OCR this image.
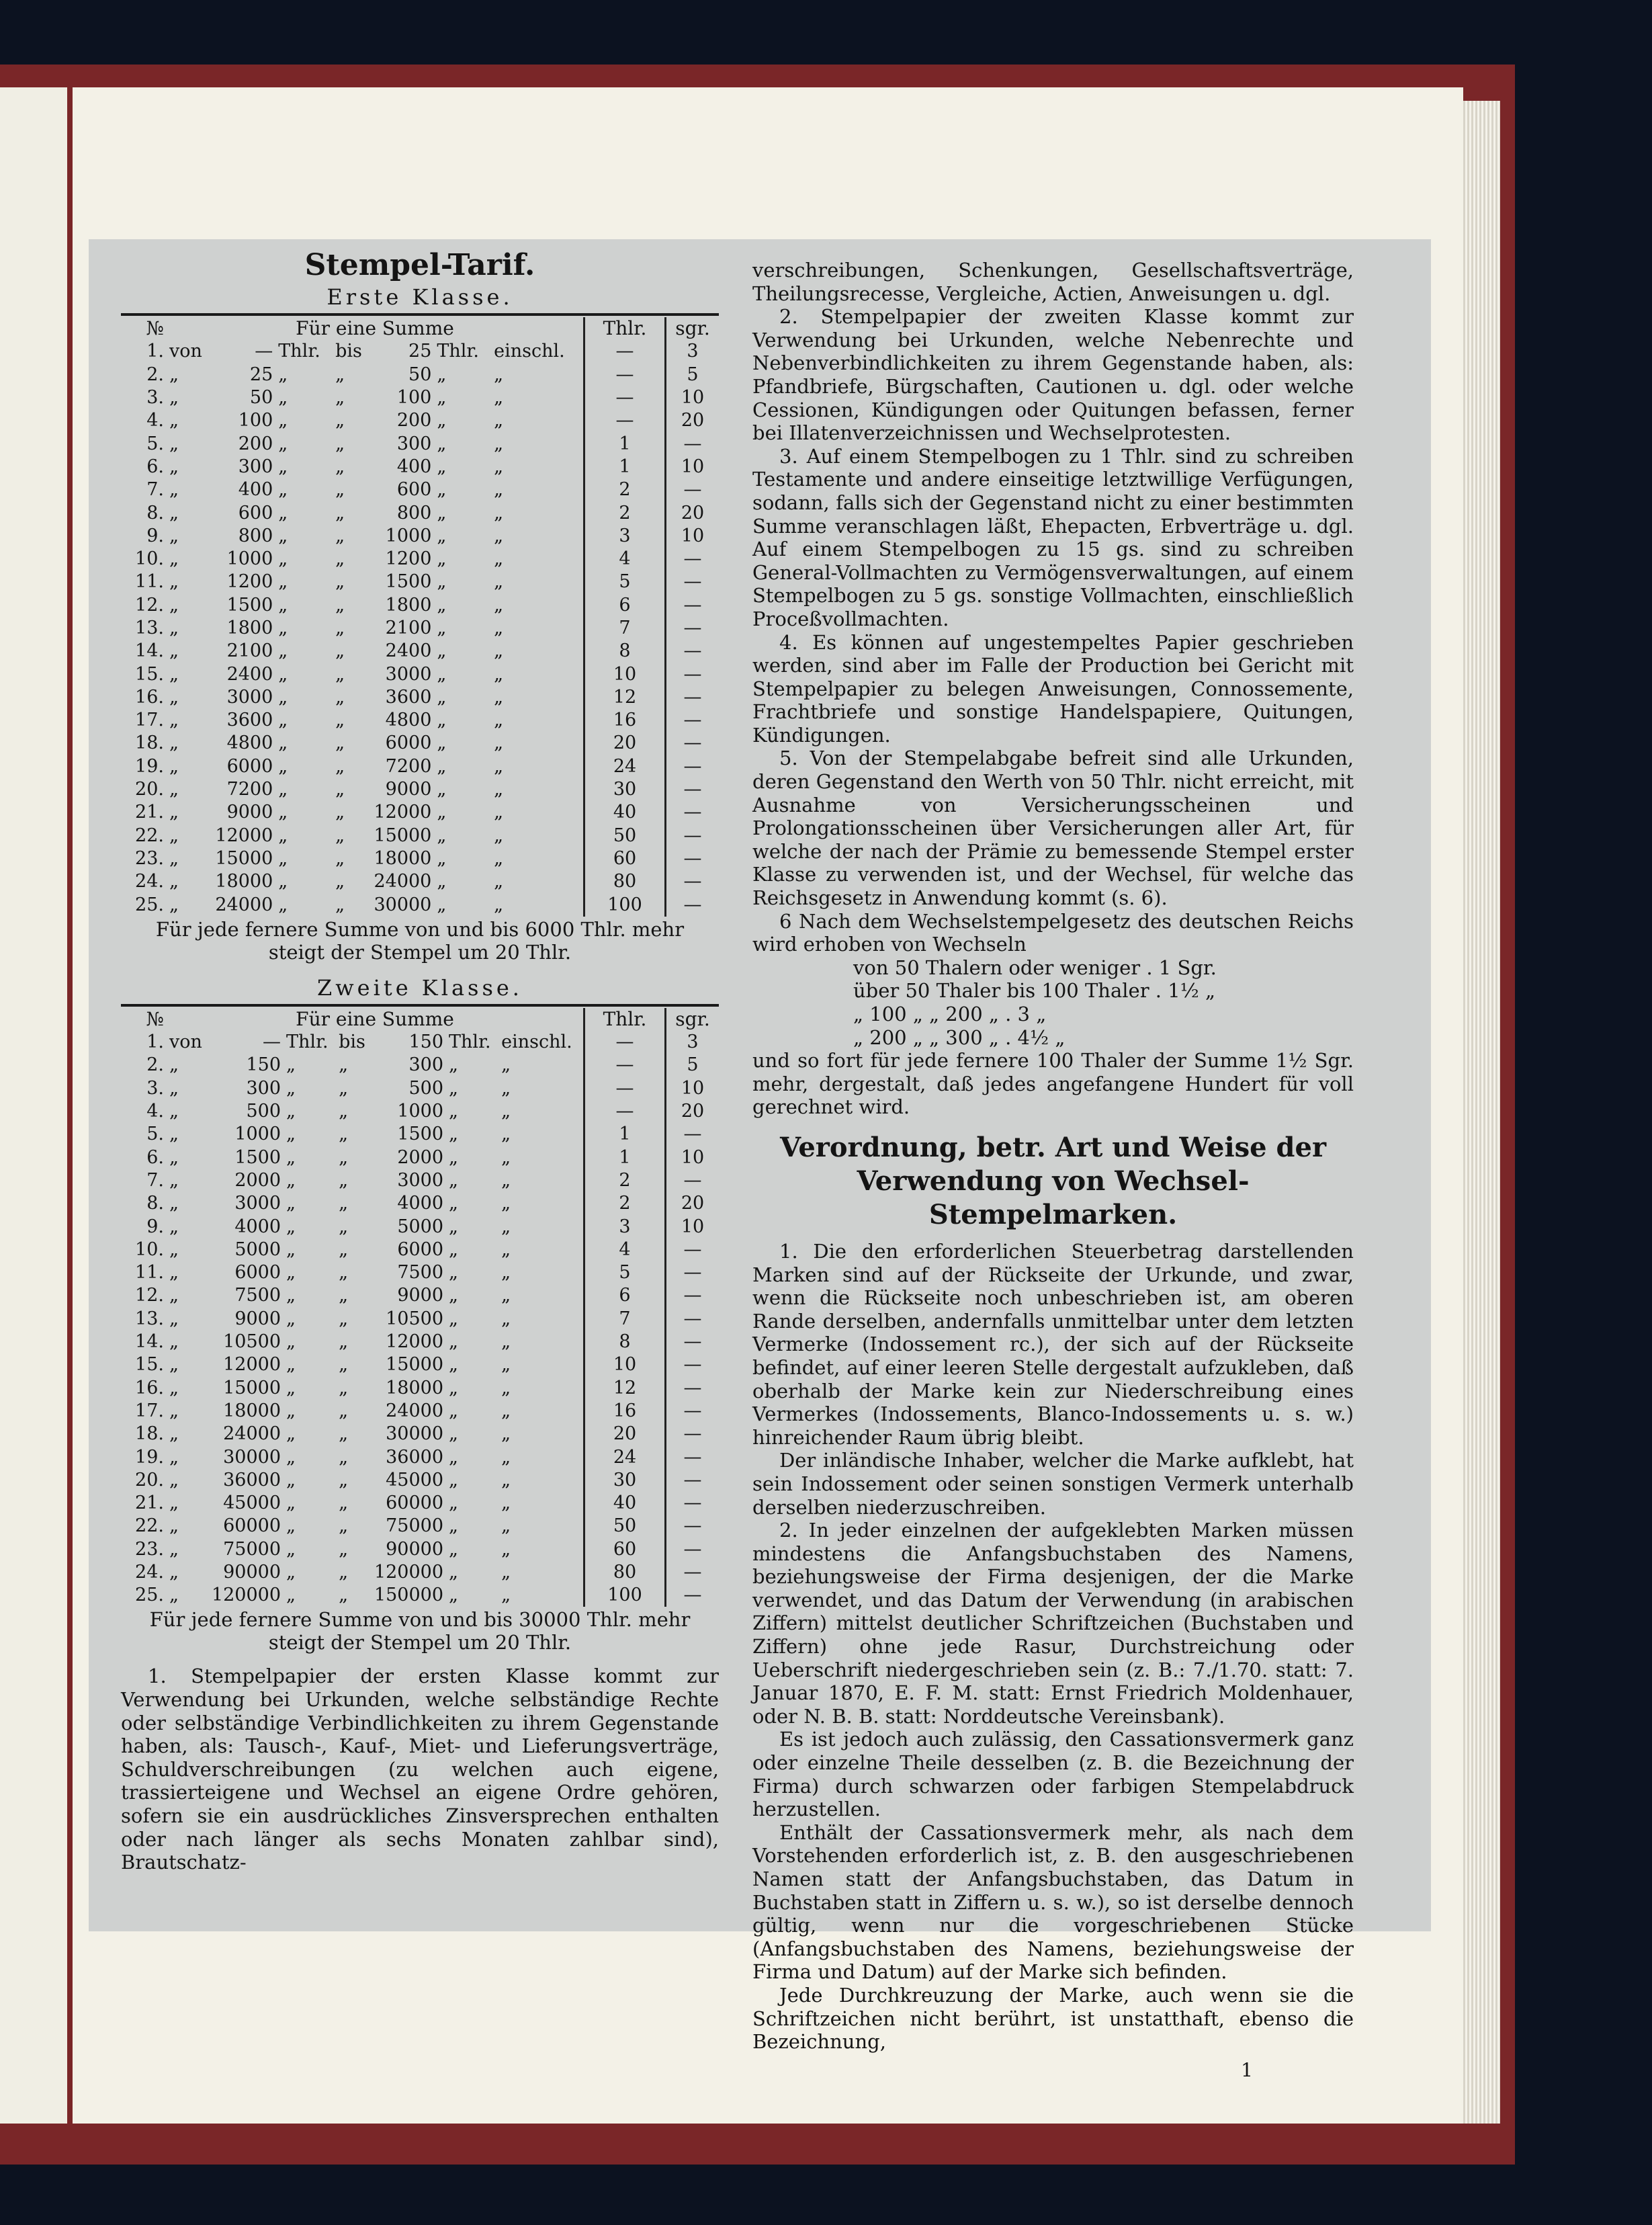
Stempel-Tarif.
Erste Klasse.
№	Für eine Summe							Thlr.	sgr.
1.	von	—	Thlr.	bis	25	Thlr.	einschl.	—	3
2.	„	25	„	„	50	„	„	—	5
3.	„	50	„	„	100	„	„	—	10
4.	„	100	„	„	200	„	„	—	20
5.	„	200	„	„	300	„	„	1	—
6.	„	300	„	„	400	„	„	1	10
7.	„	400	„	„	600	„	„	2	—
8.	„	600	„	„	800	„	„	2	20
9.	„	800	„	„	1000	„	„	3	10
10.	„	1000	„	„	1200	„	„	4	—
11.	„	1200	„	„	1500	„	„	5	—
12.	„	1500	„	„	1800	„	„	6	—
13.	„	1800	„	„	2100	„	„	7	—
14.	„	2100	„	„	2400	„	„	8	—
15.	„	2400	„	„	3000	„	„	10	—
16.	„	3000	„	„	3600	„	„	12	—
17.	„	3600	„	„	4800	„	„	16	—
18.	„	4800	„	„	6000	„	„	20	—
19.	„	6000	„	„	7200	„	„	24	—
20.	„	7200	„	„	9000	„	„	30	—
21.	„	9000	„	„	12000	„	„	40	—
22.	„	12000	„	„	15000	„	„	50	—
23.	„	15000	„	„	18000	„	„	60	—
24.	„	18000	„	„	24000	„	„	80	—
25.	„	24000	„	„	30000	„	„	100	—
Für jede fernere Summe von und bis 6000 Thlr. mehr
steigt der Stempel um 20 Thlr.
Zweite Klasse.
№	Für eine Summe							Thlr.	sgr.
1.	von	—	Thlr.	bis	150	Thlr.	einschl.	—	3
2.	„	150	„	„	300	„	„	—	5
3.	„	300	„	„	500	„	„	—	10
4.	„	500	„	„	1000	„	„	—	20
5.	„	1000	„	„	1500	„	„	1	—
6.	„	1500	„	„	2000	„	„	1	10
7.	„	2000	„	„	3000	„	„	2	—
8.	„	3000	„	„	4000	„	„	2	20
9.	„	4000	„	„	5000	„	„	3	10
10.	„	5000	„	„	6000	„	„	4	—
11.	„	6000	„	„	7500	„	„	5	—
12.	„	7500	„	„	9000	„	„	6	—
13.	„	9000	„	„	10500	„	„	7	—
14.	„	10500	„	„	12000	„	„	8	—
15.	„	12000	„	„	15000	„	„	10	—
16.	„	15000	„	„	18000	„	„	12	—
17.	„	18000	„	„	24000	„	„	16	—
18.	„	24000	„	„	30000	„	„	20	—
19.	„	30000	„	„	36000	„	„	24	—
20.	„	36000	„	„	45000	„	„	30	—
21.	„	45000	„	„	60000	„	„	40	—
22.	„	60000	„	„	75000	„	„	50	—
23.	„	75000	„	„	90000	„	„	60	—
24.	„	90000	„	„	120000	„	„	80	—
25.	„	120000	„	„	150000	„	„	100	—
Für jede fernere Summe von und bis 30000 Thlr. mehr
steigt der Stempel um 20 Thlr.

1. Stempelpapier der ersten Klasse kommt zur Verwendung bei Urkunden, welche selbständige Rechte oder selbständige Verbindlichkeiten zu ihrem Gegenstande haben, als: Tausch-, Kauf-, Miet- und Lieferungsverträge, Schuldverschreibungen (zu welchen auch eigene, trassierteigene und Wechsel an eigene Ordre gehören, sofern sie ein ausdrückliches Zinsversprechen enthalten oder nach länger als sechs Monaten zahlbar sind), Brautschatz-

verschreibungen, Schenkungen, Gesellschaftsverträge, Theilungsrecesse, Vergleiche, Actien, Anweisungen u. dgl.

2. Stempelpapier der zweiten Klasse kommt zur Verwendung bei Urkunden, welche Nebenrechte und Nebenverbindlichkeiten zu ihrem Gegenstande haben, als: Pfandbriefe, Bürgschaften, Cautionen u. dgl. oder welche Cessionen, Kündigungen oder Quitungen befassen, ferner bei Illatenverzeichnissen und Wechselprotesten.

3. Auf einem Stempelbogen zu 1 Thlr. sind zu schreiben Testamente und andere einseitige letztwillige Verfügungen, sodann, falls sich der Gegenstand nicht zu einer bestimmten Summe veranschlagen läßt, Ehepacten, Erbverträge u. dgl. Auf einem Stempelbogen zu 15 gs. sind zu schreiben General-Vollmachten zu Vermögensverwaltungen, auf einem Stempelbogen zu 5 gs. sonstige Vollmachten, einschließlich Proceßvollmachten.

4. Es können auf ungestempeltes Papier geschrieben werden, sind aber im Falle der Production bei Gericht mit Stempelpapier zu belegen Anweisungen, Connossemente, Frachtbriefe und sonstige Handelspapiere, Quitungen, Kündigungen.

5. Von der Stempelabgabe befreit sind alle Urkunden, deren Gegenstand den Werth von 50 Thlr. nicht erreicht, mit Ausnahme von Versicherungsscheinen und Prolongationsscheinen über Versicherungen aller Art, für welche der nach der Prämie zu bemessende Stempel erster Klasse zu verwenden ist, und der Wechsel, für welche das Reichsgesetz in Anwendung kommt (s. 6).

6 Nach dem Wechselstempelgesetz des deutschen Reichs wird erhoben von Wechseln

von 50 Thalern oder weniger . 1 Sgr.
über 50 Thaler bis 100 Thaler . 1½ „
„ 100 „ „ 200 „ . 3 „
„ 200 „ „ 300 „ . 4½ „

und so fort für jede fernere 100 Thaler der Summe 1½ Sgr. mehr, dergestalt, daß jedes angefangene Hundert für voll gerechnet wird.

Verordnung, betr. Art und Weise der Verwendung von Wechsel-Stempelmarken.

1. Die den erforderlichen Steuerbetrag darstellenden Marken sind auf der Rückseite der Urkunde, und zwar, wenn die Rückseite noch unbeschrieben ist, am oberen Rande derselben, andernfalls unmittelbar unter dem letzten Vermerke (Indossement rc.), der sich auf der Rückseite befindet, auf einer leeren Stelle dergestalt aufzukleben, daß oberhalb der Marke kein zur Niederschreibung eines Vermerkes (Indossements, Blanco-Indossements u. s. w.) hinreichender Raum übrig bleibt.

Der inländische Inhaber, welcher die Marke aufklebt, hat sein Indossement oder seinen sonstigen Vermerk unterhalb derselben niederzuschreiben.

2. In jeder einzelnen der aufgeklebten Marken müssen mindestens die Anfangsbuchstaben des Namens, beziehungsweise der Firma desjenigen, der die Marke verwendet, und das Datum der Verwendung (in arabischen Ziffern) mittelst deutlicher Schriftzeichen (Buchstaben und Ziffern) ohne jede Rasur, Durchstreichung oder Ueberschrift niedergeschrieben sein (z. B.: 7./1.70. statt: 7. Januar 1870, E. F. M. statt: Ernst Friedrich Moldenhauer, oder N. B. B. statt: Norddeutsche Vereinsbank).

Es ist jedoch auch zulässig, den Cassationsvermerk ganz oder einzelne Theile desselben (z. B. die Bezeichnung der Firma) durch schwarzen oder farbigen Stempelabdruck herzustellen.

Enthält der Cassationsvermerk mehr, als nach dem Vorstehenden erforderlich ist, z. B. den ausgeschriebenen Namen statt der Anfangsbuchstaben, das Datum in Buchstaben statt in Ziffern u. s. w.), so ist derselbe dennoch gültig, wenn nur die vorgeschriebenen Stücke (Anfangsbuchstaben des Namens, beziehungsweise der Firma und Datum) auf der Marke sich befinden.

Jede Durchkreuzung der Marke, auch wenn sie die Schriftzeichen nicht berührt, ist unstatthaft, ebenso die Bezeichnung,

1
